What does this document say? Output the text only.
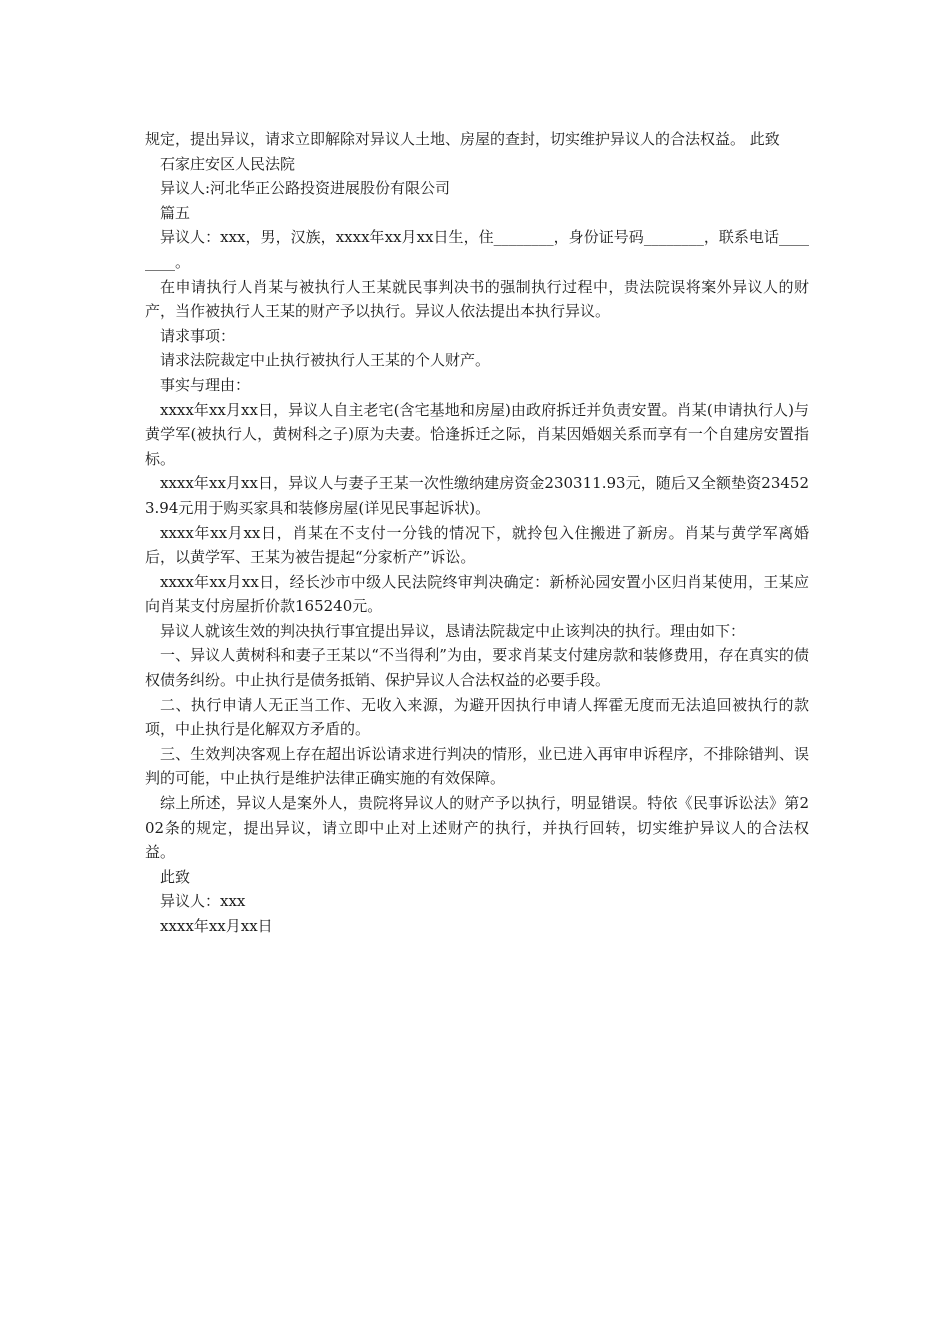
规定，提出异议，请求立即解除对异议人土地、房屋的查封，切实维护异议人的合法权益。 此致

石家庄安区人民法院

异议人:河北华正公路投资进展股份有限公司

篇五

异议人：xxx，男，汉族，xxxx年xx月xx日生，住________，身份证号码________，联系电话________。

在申请执行人肖某与被执行人王某就民事判决书的强制执行过程中，贵法院误将案外异议人的财产，当作被执行人王某的财产予以执行。异议人依法提出本执行异议。

请求事项：

请求法院裁定中止执行被执行人王某的个人财产。

事实与理由：

xxxx年xx月xx日，异议人自主老宅(含宅基地和房屋)由政府拆迁并负责安置。肖某(申请执行人)与黄学军(被执行人，黄树科之子)原为夫妻。恰逢拆迁之际，肖某因婚姻关系而享有一个自建房安置指标。

xxxx年xx月xx日，异议人与妻子王某一次性缴纳建房资金230311.93元，随后又全额垫资234523.94元用于购买家具和装修房屋(详见民事起诉状)。

xxxx年xx月xx日，肖某在不支付一分钱的情况下，就拎包入住搬进了新房。肖某与黄学军离婚后，以黄学军、王某为被告提起“分家析产”诉讼。

xxxx年xx月xx日，经长沙市中级人民法院终审判决确定：新桥沁园安置小区归肖某使用，王某应向肖某支付房屋折价款165240元。

异议人就该生效的判决执行事宜提出异议，恳请法院裁定中止该判决的执行。理由如下：

一、异议人黄树科和妻子王某以“不当得利”为由，要求肖某支付建房款和装修费用，存在真实的债权债务纠纷。中止执行是债务抵销、保护异议人合法权益的必要手段。

二、执行申请人无正当工作、无收入来源，为避开因执行申请人挥霍无度而无法追回被执行的款项，中止执行是化解双方矛盾的。

三、生效判决客观上存在超出诉讼请求进行判决的情形，业已进入再审申诉程序，不排除错判、误判的可能，中止执行是维护法律正确实施的有效保障。

综上所述，异议人是案外人，贵院将异议人的财产予以执行，明显错误。特依《民事诉讼法》第202条的规定，提出异议，请立即中止对上述财产的执行，并执行回转，切实维护异议人的合法权益。

此致

异议人：xxx

xxxx年xx月xx日
